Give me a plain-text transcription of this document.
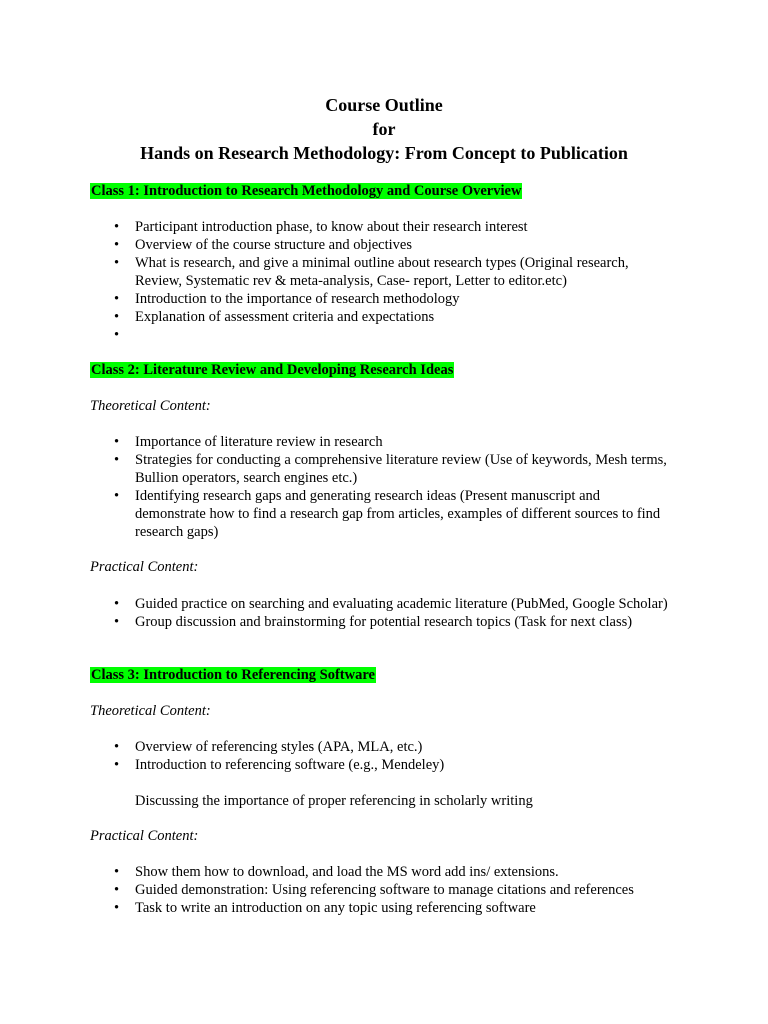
Course Outline
for
Hands on Research Methodology: From Concept to Publication
Class 1: Introduction to Research Methodology and Course Overview
• Participant introduction phase, to know about their research interest
• Overview of the course structure and objectives
• What is research, and give a minimal outline about research types (Original research, Review, Systematic rev & meta-analysis, Case- report, Letter to editor.etc)
• Introduction to the importance of research methodology
• Explanation of assessment criteria and expectations
•
Class 2: Literature Review and Developing Research Ideas
Theoretical Content:
• Importance of literature review in research
• Strategies for conducting a comprehensive literature review (Use of keywords, Mesh terms, Bullion operators, search engines etc.)
• Identifying research gaps and generating research ideas (Present manuscript and demonstrate how to find a research gap from articles, examples of different sources to find research gaps)
Practical Content:
• Guided practice on searching and evaluating academic literature (PubMed, Google Scholar)
• Group discussion and brainstorming for potential research topics (Task for next class)
Class 3: Introduction to Referencing Software
Theoretical Content:
• Overview of referencing styles (APA, MLA, etc.)
• Introduction to referencing software (e.g., Mendeley)
Discussing the importance of proper referencing in scholarly writing
Practical Content:
• Show them how to download, and load the MS word add ins/ extensions.
• Guided demonstration: Using referencing software to manage citations and references
• Task to write an introduction on any topic using referencing software
